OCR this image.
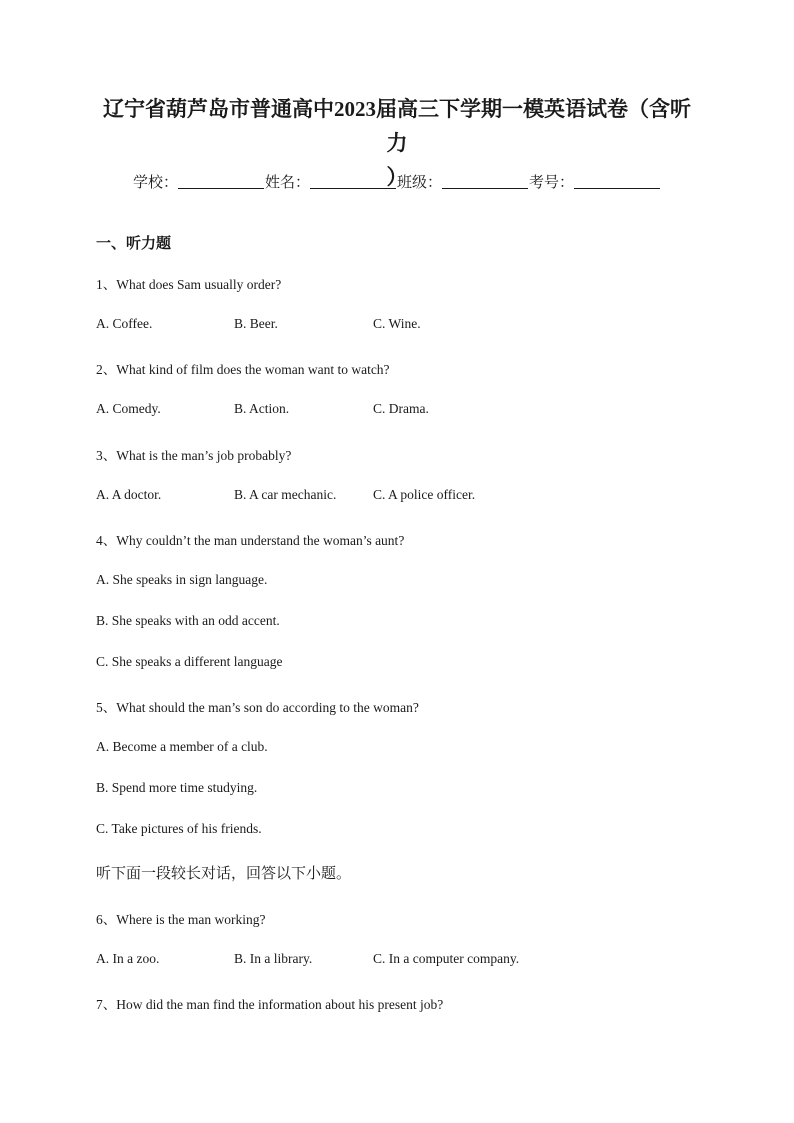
辽宁省葫芦岛市普通高中2023届高三下学期一模英语试卷（含听力
）
学校：	姓名：	班级：	考号：
一、听力题
1、What does Sam usually order?
A. Coffee.	B. Beer.	C. Wine.
2、What kind of film does the woman want to watch?
A. Comedy.	B. Action.	C. Drama.
3、What is the man’s job probably?
A. A doctor.	B. A car mechanic.	C. A police officer.
4、Why couldn’t the man understand the woman’s aunt?
A. She speaks in sign language.
B. She speaks with an odd accent.
C. She speaks a different language
5、What should the man’s son do according to the woman?
A. Become a member of a club.
B. Spend more time studying.
C. Take pictures of his friends.
听下面一段较长对话，回答以下小题。
6、Where is the man working?
A. In a zoo.	B. In a library.	C. In a computer company.
7、How did the man find the information about his present job?
